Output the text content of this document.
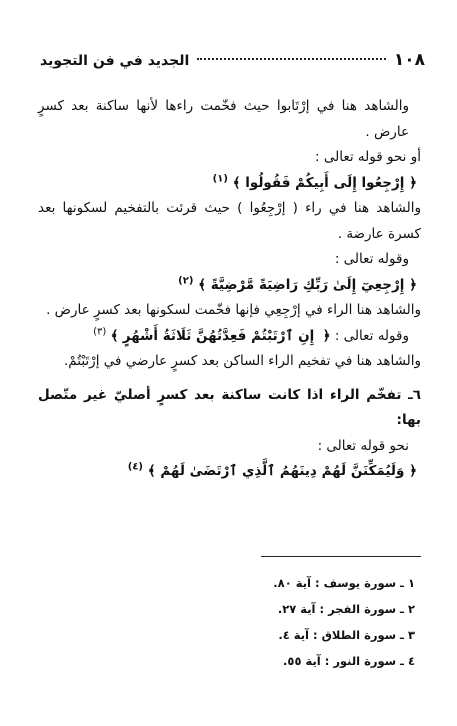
١٠٨
الجديد في فن التجويد

والشاهد هنا في إرْتَابوا حيث فخّمت راءها لأنها ساكنة بعد كسرٍ عارض .

أو نحو قوله تعالى :

﴿ إِرْجِعُوا إِلَى أَبِيكُمْ فَقُولُوا ﴾ $^{(١)}$

والشاهد هنا في راء ( إرْجِعُوا ) حيث قرئت بالتفخيم لسكونها بعد كسرة عارضة .

وقوله تعالى :

﴿ إِرْجِعِيٓ إِلَىٰ رَبِّكِ رَاضِيَةً مَّرْضِيَّةً ﴾ $^{(٢)}$

والشاهد هنا الراء في إرْجِعِي فإنها فخّمت لسكونها بعد كسرٍ عارض .

وقوله تعالى : ﴿ إِنِ ٱرْتَبْتُمْ فَعِدَّتُهُنَّ ثَلَاثَةُ أَشْهُرٍ ﴾ $^{(٣)}$

والشاهد هنا في تفخيم الراء الساكن بعد كسرٍ عارضي في إرْتَبْتُمْ.

٦ـ تفخّم الراء اذا كانت ساكنة بعد كسرٍ أصليّ غير متّصل بها:

نحو قوله تعالى :

﴿ وَلَيُمَكِّنَنَّ لَهُمْ دِينَهُمُ ٱلَّذِي ٱرْتَضَىٰ لَهُمْ ﴾ $^{(٤)}$

١ ـ سورة يوسف : آية ٨٠.
٢ ـ سورة الفجر : آية ٢٧.
٣ ـ سورة الطلاق : آية ٤.
٤ ـ سورة النور : آية ٥٥.
